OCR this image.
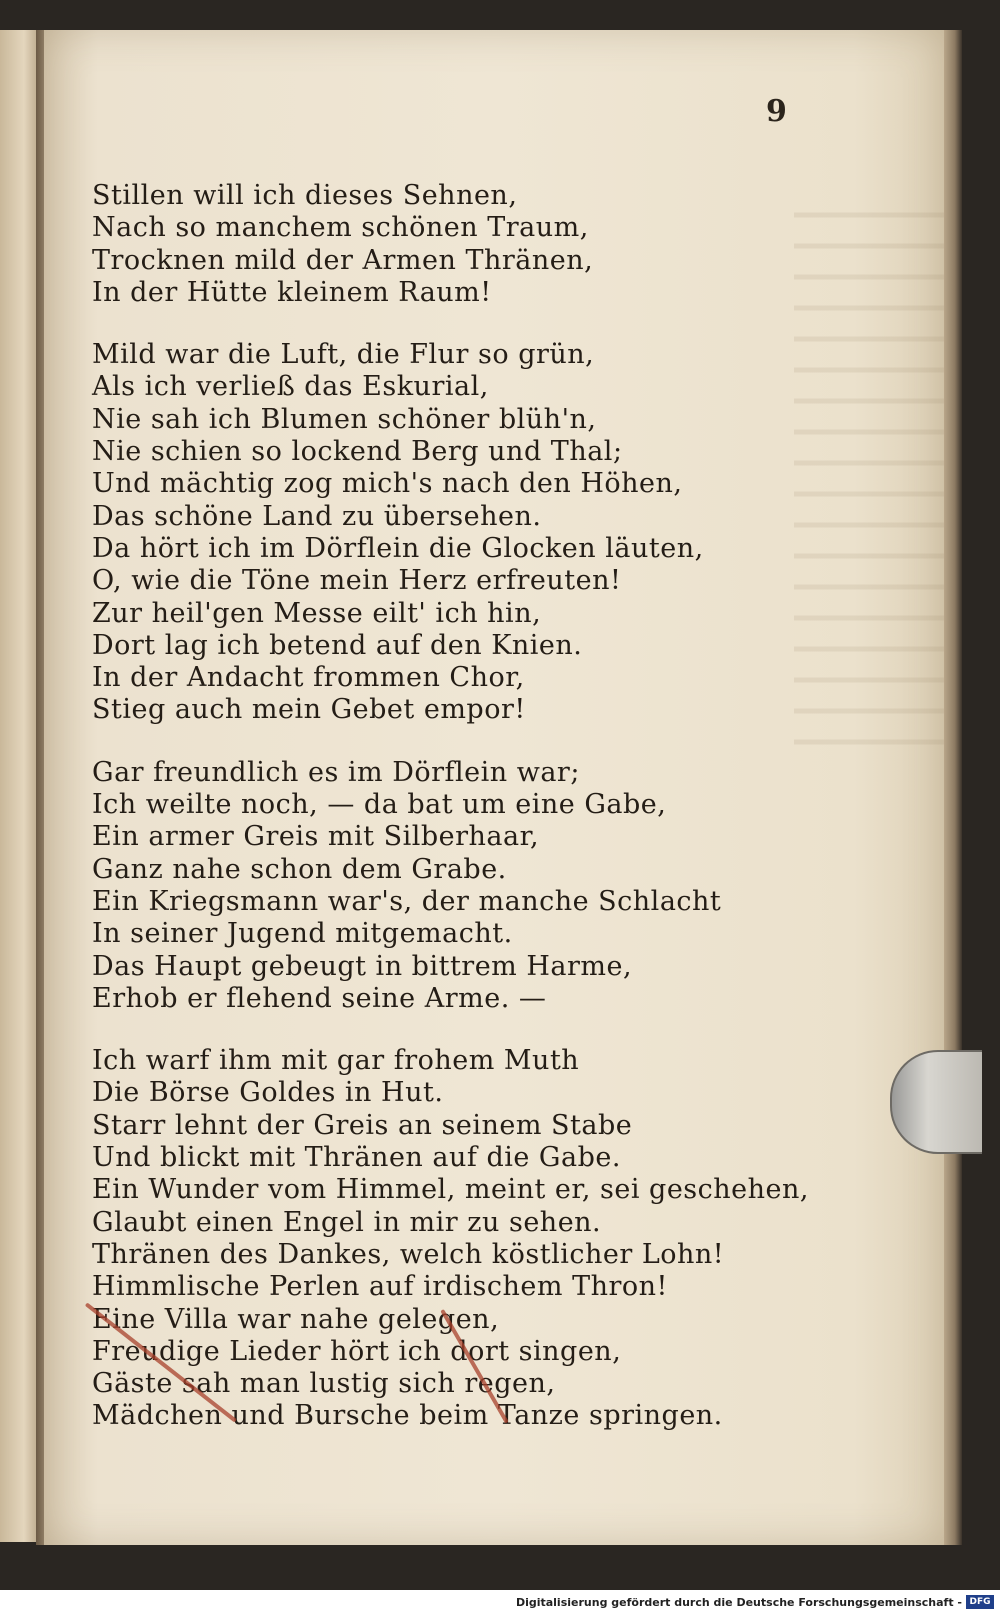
9
Stillen will ich dieses Sehnen,
Nach so manchem schönen Traum,
Trocknen mild der Armen Thränen,
In der Hütte kleinem Raum!
Mild war die Luft, die Flur so grün,
Als ich verließ das Eskurial,
Nie sah ich Blumen schöner blüh'n,
Nie schien so lockend Berg und Thal;
Und mächtig zog mich's nach den Höhen,
Das schöne Land zu übersehen.
Da hört ich im Dörflein die Glocken läuten,
O, wie die Töne mein Herz erfreuten!
Zur heil'gen Messe eilt' ich hin,
Dort lag ich betend auf den Knien.
In der Andacht frommen Chor,
Stieg auch mein Gebet empor!
Gar freundlich es im Dörflein war;
Ich weilte noch, — da bat um eine Gabe,
Ein armer Greis mit Silberhaar,
Ganz nahe schon dem Grabe.
Ein Kriegsmann war's, der manche Schlacht
In seiner Jugend mitgemacht.
Das Haupt gebeugt in bittrem Harme,
Erhob er flehend seine Arme. —
Ich warf ihm mit gar frohem Muth
Die Börse Goldes in Hut.
Starr lehnt der Greis an seinem Stabe
Und blickt mit Thränen auf die Gabe.
Ein Wunder vom Himmel, meint er, sei geschehen,
Glaubt einen Engel in mir zu sehen.
Thränen des Dankes, welch köstlicher Lohn!
Himmlische Perlen auf irdischem Thron!
Eine Villa war nahe gelegen,
Freudige Lieder hört ich dort singen,
Gäste sah man lustig sich regen,
Mädchen und Bursche beim Tanze springen.
Digitalisierung gefördert durch die Deutsche Forschungsgemeinschaft - DFG
